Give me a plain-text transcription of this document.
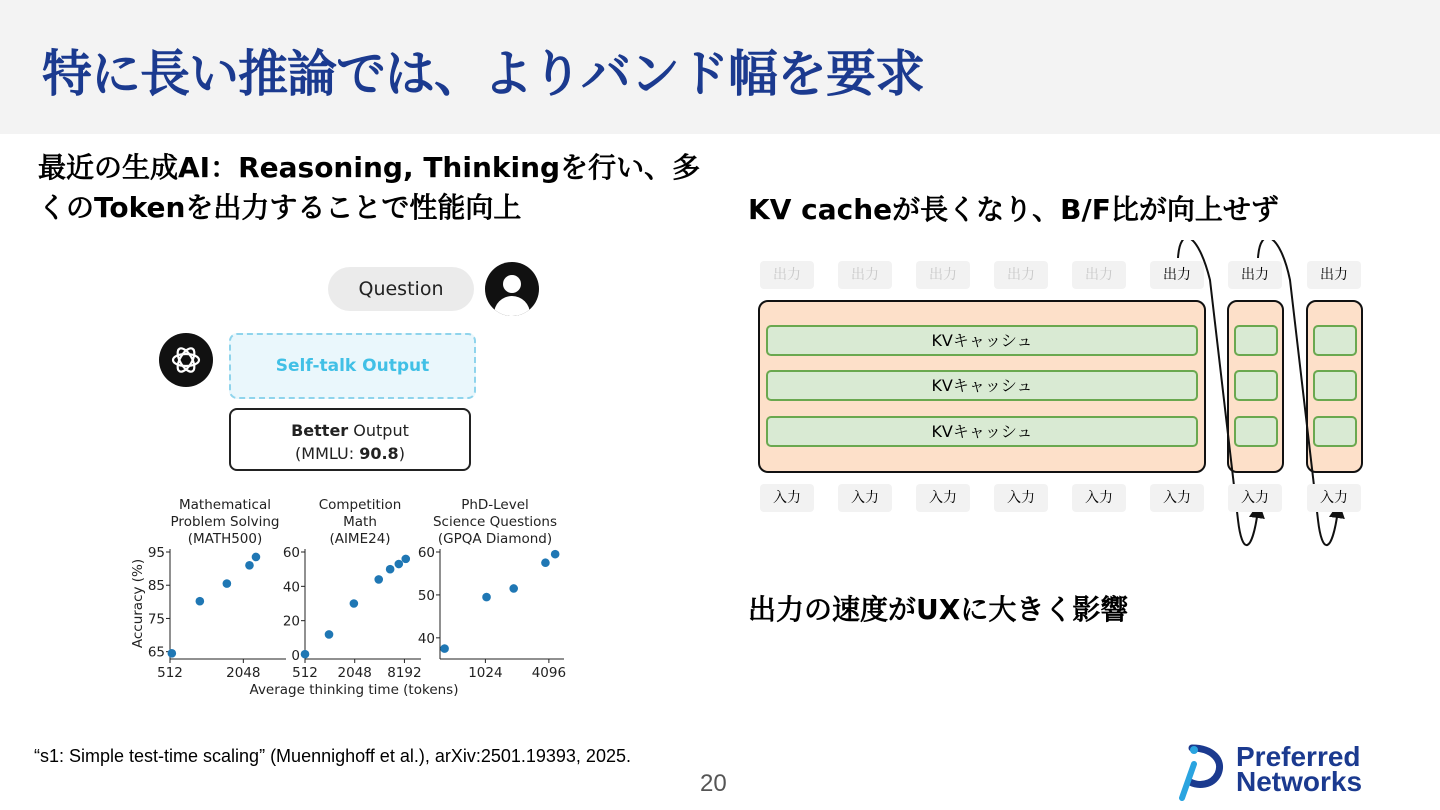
特に長い推論では、よりバンド幅を要求
最近の生成AI：Reasoning, Thinkingを行い、多
くのTokenを出力することで性能向上	KV cacheが長くなり、B/F比が向上せず
出力の速度がUXに大きく影響
Question
Self-talk Output
Better Output
(MMLU: 90.8)
Mathematical
Problem Solving
(MATH500)
65
75
85
95
512	2048
Accuracy (%)
Competition
Math
(AIME24)
0
20
40
60
512 2048 8192
PhD-Level
Science Questions
(GPQA Diamond)
40
50
60
1024 4096
Average thinking time (tokens)
KVキャッシュ
KVキャッシュ
KVキャッシュ
出力
入力
出力
入力
出力
入力
出力
入力
出力
入力
出力
入力
出力
入力
出力
入力
Preferred
Networks
“s1: Simple test-time scaling” (Muennighoff et al.), arXiv:2501.19393, 2025.
20
